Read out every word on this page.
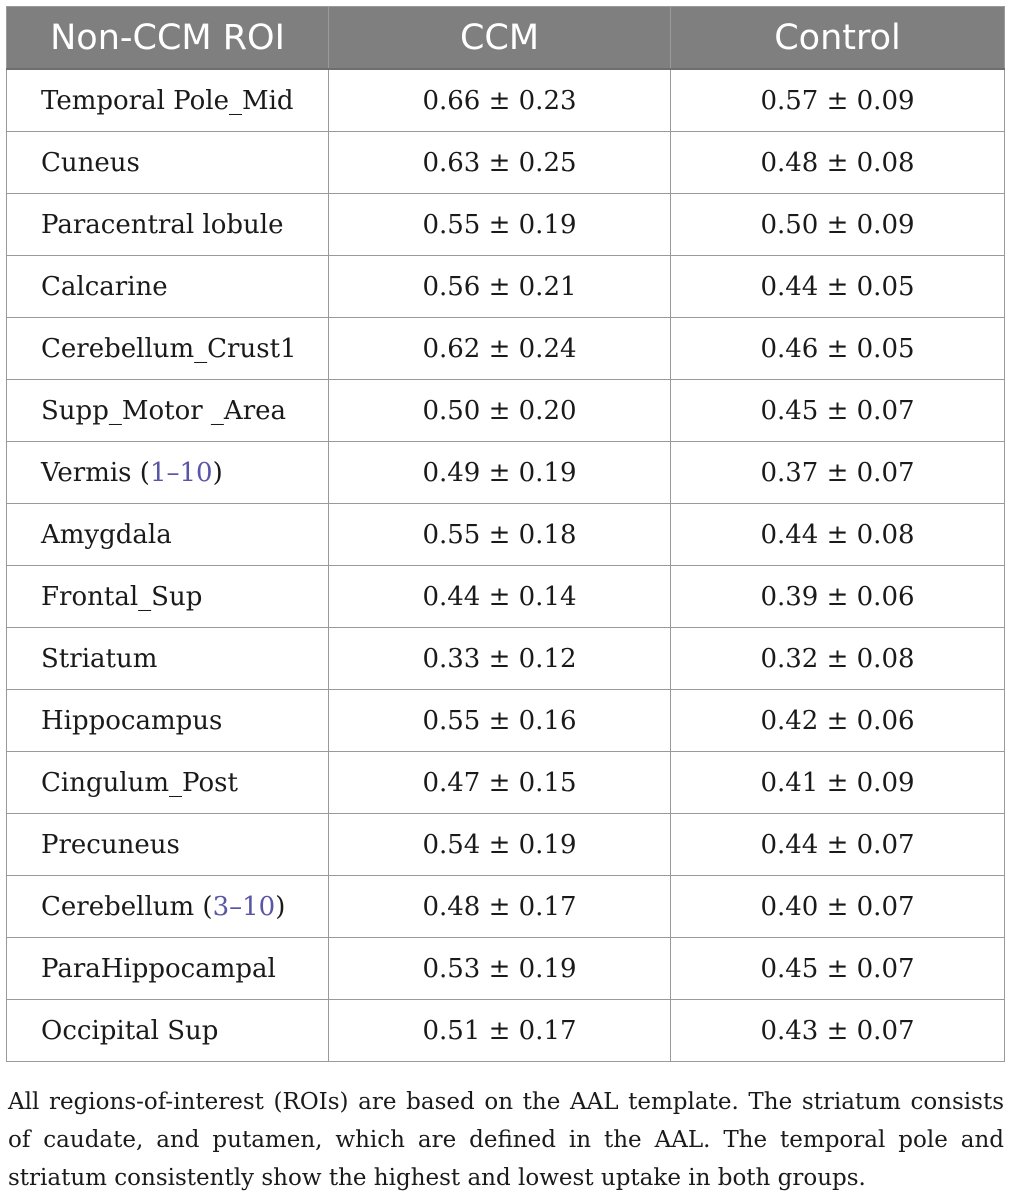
Non-CCM ROI	CCM	Control
Temporal Pole_Mid	0.66 ± 0.23	0.57 ± 0.09
Cuneus	0.63 ± 0.25	0.48 ± 0.08
Paracentral lobule	0.55 ± 0.19	0.50 ± 0.09
Calcarine	0.56 ± 0.21	0.44 ± 0.05
Cerebellum_Crust1	0.62 ± 0.24	0.46 ± 0.05
Supp_Motor _Area	0.50 ± 0.20	0.45 ± 0.07
Vermis (1–10)	0.49 ± 0.19	0.37 ± 0.07
Amygdala	0.55 ± 0.18	0.44 ± 0.08
Frontal_Sup	0.44 ± 0.14	0.39 ± 0.06
Striatum	0.33 ± 0.12	0.32 ± 0.08
Hippocampus	0.55 ± 0.16	0.42 ± 0.06
Cingulum_Post	0.47 ± 0.15	0.41 ± 0.09
Precuneus	0.54 ± 0.19	0.44 ± 0.07
Cerebellum (3–10)	0.48 ± 0.17	0.40 ± 0.07
ParaHippocampal	0.53 ± 0.19	0.45 ± 0.07
Occipital Sup	0.51 ± 0.17	0.43 ± 0.07

All regions-of-interest (ROIs) are based on the AAL template. The striatum consists of caudate, and putamen, which are defined in the AAL. The temporal pole and striatum consistently show the highest and lowest uptake in both groups.
